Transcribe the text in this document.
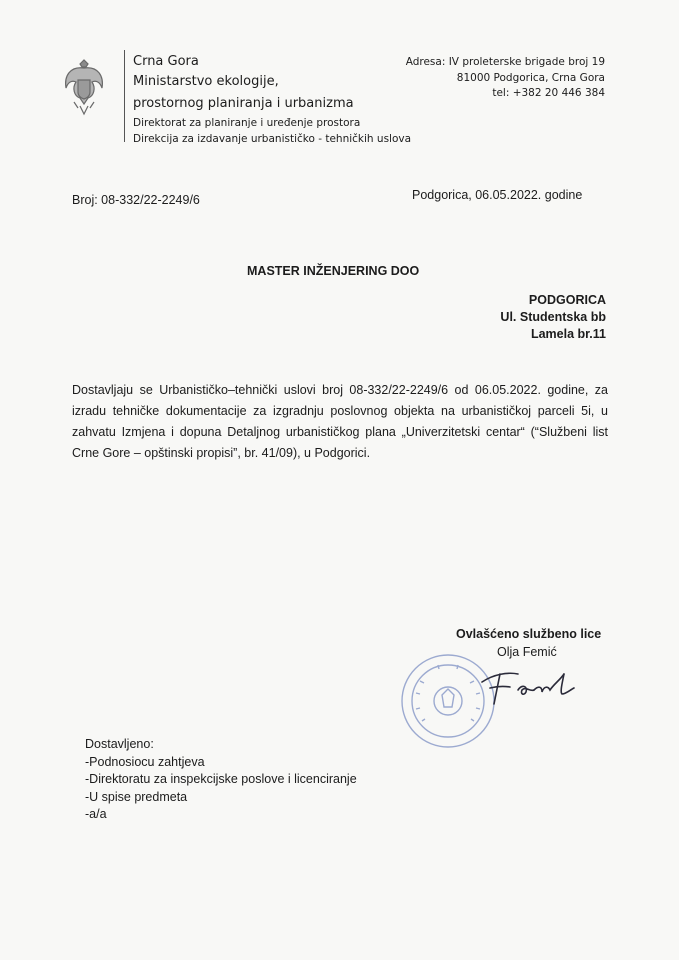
Crna Gora
Ministarstvo ekologije,
prostornog planiranja i urbanizma
Direktorat za planiranje i uređenje prostora
Direkcija za izdavanje urbanističko - tehničkih uslova
Adresa: IV proleterske brigade broj 19
81000 Podgorica, Crna Gora
tel: +382 20 446 384
Broj: 08-332/22-2249/6	Podgorica, 06.05.2022. godine
MASTER INŽENJERING DOO
PODGORICA
Ul. Studentska bb
Lamela br.11

Dostavljaju se Urbanističko–tehnički uslovi broj 08-332/22-2249/6 od 06.05.2022. godine, za izradu tehničke dokumentacije za izgradnju poslovnog objekta na urbanističkoj parceli 5i, u zahvatu Izmjena i dopuna Detaljnog urbanističkog plana „Univerzitetski centar“ (“Službeni list Crne Gore – opštinski propisi”, br. 41/09), u Podgorici.

Ovlašćeno službeno lice
Olja Femić
Dostavljeno:
-Podnosiocu zahtjeva
-Direktoratu za inspekcijske poslove i licenciranje
-U spise predmeta
-a/a
